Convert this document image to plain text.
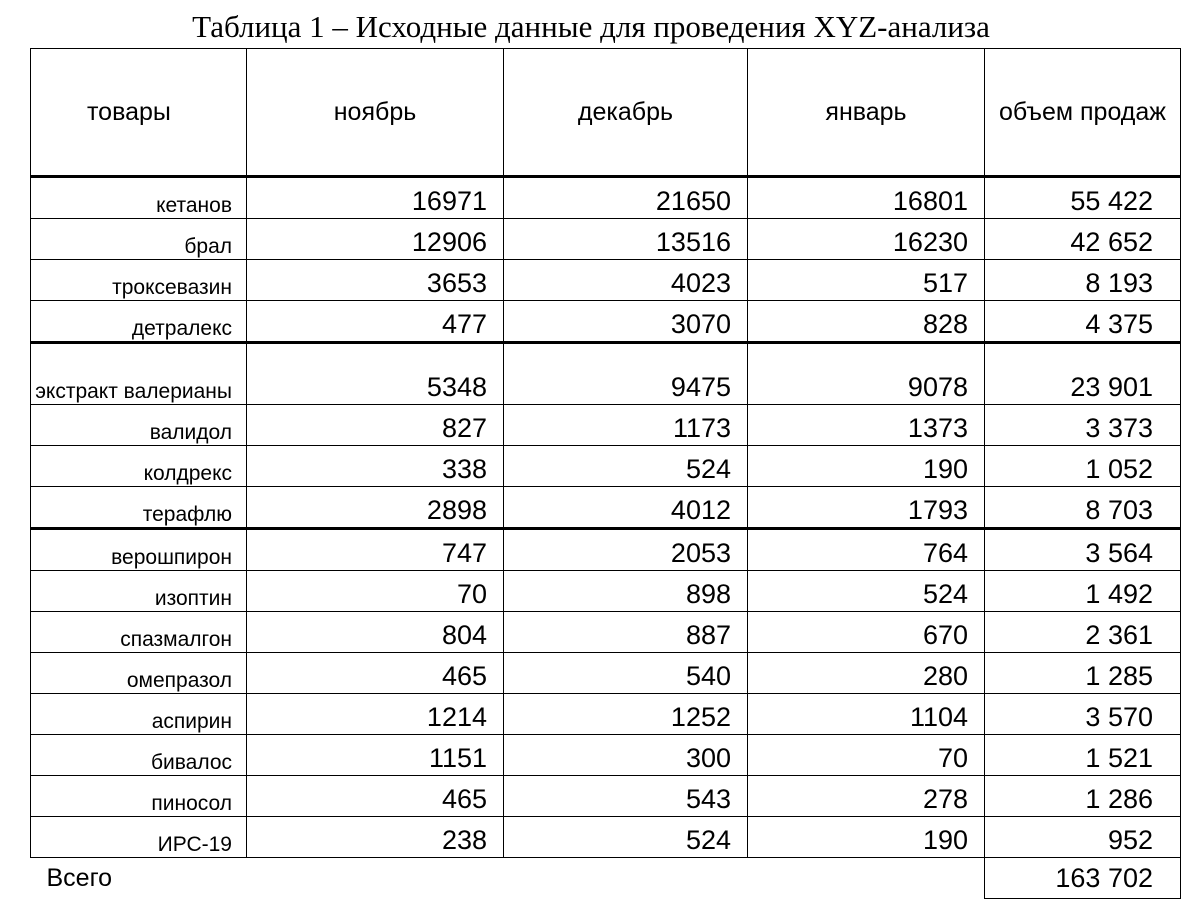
Таблица 1 – Исходные данные для проведения XYZ-анализа
товары	ноябрь	декабрь	январь	объем продаж
кетанов	16971	21650	16801	55 422
брал	12906	13516	16230	42 652
троксевазин	3653	4023	517	8 193
детралекс	477	3070	828	4 375
экстракт валерианы	5348	9475	9078	23 901
валидол	827	1173	1373	3 373
колдрекс	338	524	190	1 052
терафлю	2898	4012	1793	8 703
верошпирон	747	2053	764	3 564
изоптин	70	898	524	1 492
спазмалгон	804	887	670	2 361
омепразол	465	540	280	1 285
аспирин	1214	1252	1104	3 570
бивалос	1151	300	70	1 521
пиносол	465	543	278	1 286
ИРС-19	238	524	190	952
Всего				163 702
